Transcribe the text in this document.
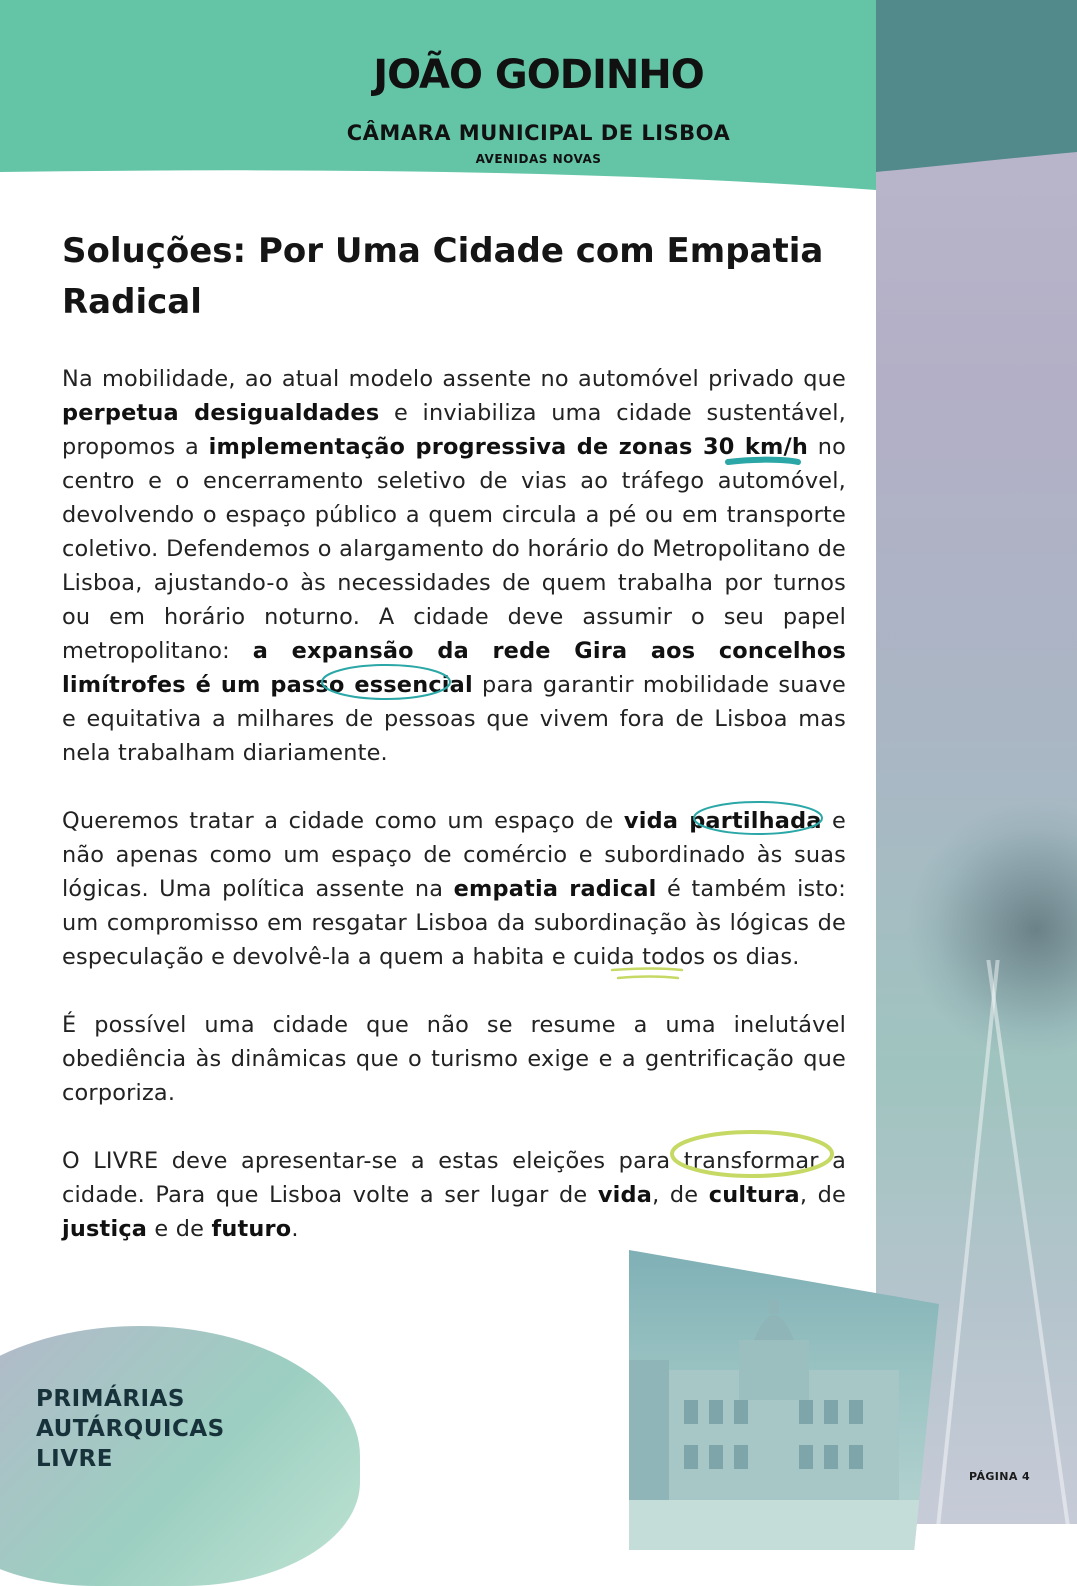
JOÃO GODINHO
CÂMARA MUNICIPAL DE LISBOA
AVENIDAS NOVAS
Soluções: Por Uma Cidade com Empatia Radical

Na mobilidade, ao atual modelo assente no automóvel privado que perpetua desigualdades e inviabiliza uma cidade sustentável, propomos a implementação progressiva de zonas 30 km/h no centro e o encerramento seletivo de vias ao tráfego automóvel, devolvendo o espaço público a quem circula a pé ou em transporte coletivo. Defendemos o alargamento do horário do Metropolitano de Lisboa, ajustando-o às necessidades de quem trabalha por turnos ou em horário noturno. A cidade deve assumir o seu papel metropolitano: a expansão da rede Gira aos concelhos limítrofes é um passo essencial para garantir mobilidade suave e equitativa a milhares de pessoas que vivem fora de Lisboa mas nela trabalham diariamente.

Queremos tratar a cidade como um espaço de vida partilhada e não apenas como um espaço de comércio e subordinado às suas lógicas. Uma política assente na empatia radical é também isto: um compromisso em resgatar Lisboa da subordinação às lógicas de especulação e devolvê-la a quem a habita e cuida todos os dias.

É possível uma cidade que não se resume a uma inelutável obediência às dinâmicas que o turismo exige e a gentrificação que corporiza.

O LIVRE deve apresentar-se a estas eleições para transformar a cidade. Para que Lisboa volte a ser lugar de vida, de cultura, de justiça e de futuro.

PRIMÁRIAS
AUTÁRQUICAS
LIVRE
PÁGINA 4
